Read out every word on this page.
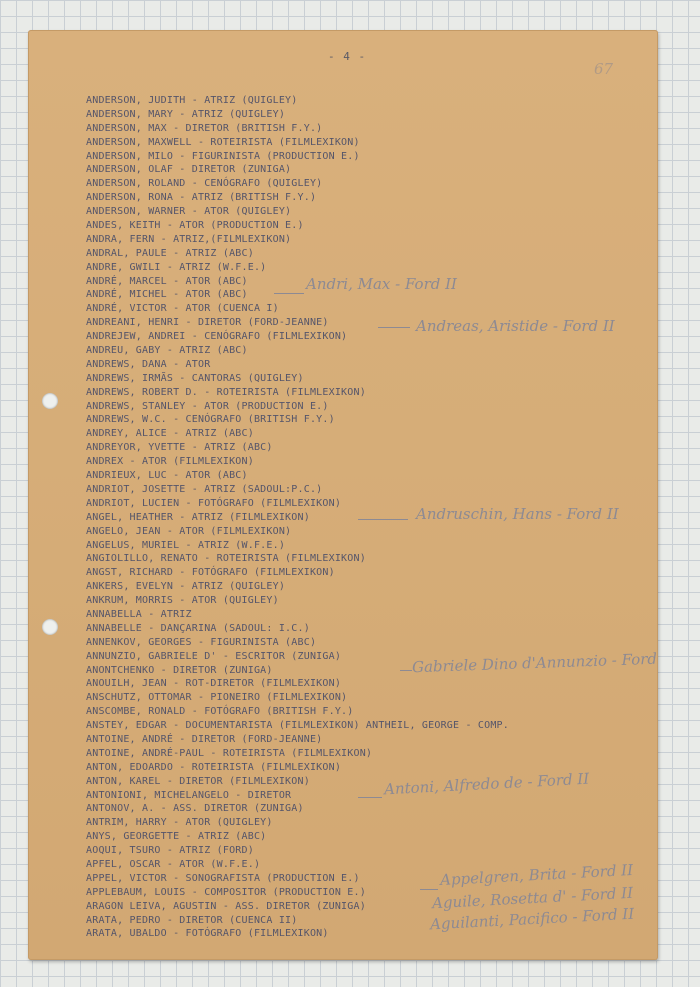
- 4 -
67
ANDERSON, JUDITH - ATRIZ (QUIGLEY)
ANDERSON, MARY - ATRIZ (QUIGLEY)
ANDERSON, MAX - DIRETOR (BRITISH F.Y.)
ANDERSON, MAXWELL - ROTEIRISTA (FILMLEXIKON)
ANDERSON, MILO - FIGURINISTA (PRODUCTION E.)
ANDERSON, OLAF - DIRETOR (ZUNIGA)
ANDERSON, ROLAND - CENÓGRAFO (QUIGLEY)
ANDERSON, RONA - ATRIZ (BRITISH F.Y.)
ANDERSON, WARNER - ATOR (QUIGLEY)
ANDES, KEITH - ATOR (PRODUCTION E.)
ANDRA, FERN - ATRIZ,(FILMLEXIKON)
ANDRAL, PAULE - ATRIZ (ABC)
ANDRE, GWILI - ATRIZ (W.F.E.)
ANDRÉ, MARCEL - ATOR (ABC)
ANDRÉ, MICHEL - ATOR (ABC)
ANDRÉ, VICTOR - ATOR (CUENCA I)
ANDREANI, HENRI - DIRETOR (FORD-JEANNE)
ANDREJEW, ANDREI - CENÓGRAFO (FILMLEXIKON)
ANDREU, GABY - ATRIZ (ABC)
ANDREWS, DANA - ATOR
ANDREWS, IRMÃS - CANTORAS (QUIGLEY)
ANDREWS, ROBERT D. - ROTEIRISTA (FILMLEXIKON)
ANDREWS, STANLEY - ATOR (PRODUCTION E.)
ANDREWS, W.C. - CENÓGRAFO (BRITISH F.Y.)
ANDREY, ALICE - ATRIZ (ABC)
ANDREYOR, YVETTE - ATRIZ (ABC)
ANDREX - ATOR (FILMLEXIKON)
ANDRIEUX, LUC - ATOR (ABC)
ANDRIOT, JOSETTE - ATRIZ (SADOUL:P.C.)
ANDRIOT, LUCIEN - FOTÓGRAFO (FILMLEXIKON)
ANGEL, HEATHER - ATRIZ (FILMLEXIKON)
ANGELO, JEAN - ATOR (FILMLEXIKON)
ANGELUS, MURIEL - ATRIZ (W.F.E.)
ANGIOLILLO, RENATO - ROTEIRISTA (FILMLEXIKON)
ANGST, RICHARD - FOTÓGRAFO (FILMLEXIKON)
ANKERS, EVELYN - ATRIZ (QUIGLEY)
ANKRUM, MORRIS - ATOR (QUIGLEY)
ANNABELLA - ATRIZ
ANNABELLE - DANÇARINA (SADOUL: I.C.)
ANNENKOV, GEORGES - FIGURINISTA (ABC)
ANNUNZIO, GABRIELE D' - ESCRITOR (ZUNIGA)
ANONTCHENKO - DIRETOR (ZUNIGA)
ANOUILH, JEAN - ROT-DIRETOR (FILMLEXIKON)
ANSCHUTZ, OTTOMAR - PIONEIRO (FILMLEXIKON)
ANSCOMBE, RONALD - FOTÓGRAFO (BRITISH F.Y.)
ANSTEY, EDGAR - DOCUMENTARISTA (FILMLEXIKON) ANTHEIL, GEORGE - COMP.
ANTOINE, ANDRÉ - DIRETOR (FORD-JEANNE)
ANTOINE, ANDRÉ-PAUL - ROTEIRISTA (FILMLEXIKON)
ANTON, EDOARDO - ROTEIRISTA (FILMLEXIKON)
ANTON, KAREL - DIRETOR (FILMLEXIKON)
ANTONIONI, MICHELANGELO - DIRETOR
ANTONOV, A. - ASS. DIRETOR (ZUNIGA)
ANTRIM, HARRY - ATOR (QUIGLEY)
ANYS, GEORGETTE - ATRIZ (ABC)
AOQUI, TSURO - ATRIZ (FORD)
APFEL, OSCAR - ATOR (W.F.E.)
APPEL, VICTOR - SONOGRAFISTA (PRODUCTION E.)
APPLEBAUM, LOUIS - COMPOSITOR (PRODUCTION E.)
ARAGON LEIVA, AGUSTIN - ASS. DIRETOR (ZUNIGA)
ARATA, PEDRO - DIRETOR (CUENCA II)
ARATA, UBALDO - FOTÓGRAFO (FILMLEXIKON)
Andri, Max - Ford II
Andreas, Aristide - Ford II
Andruschin, Hans - Ford II
Gabriele Dino d'Annunzio - Ford
Antoni, Alfredo de - Ford II
Appelgren, Brita - Ford II
Aguile, Rosetta d' - Ford II
Aguilanti, Pacifico - Ford II
